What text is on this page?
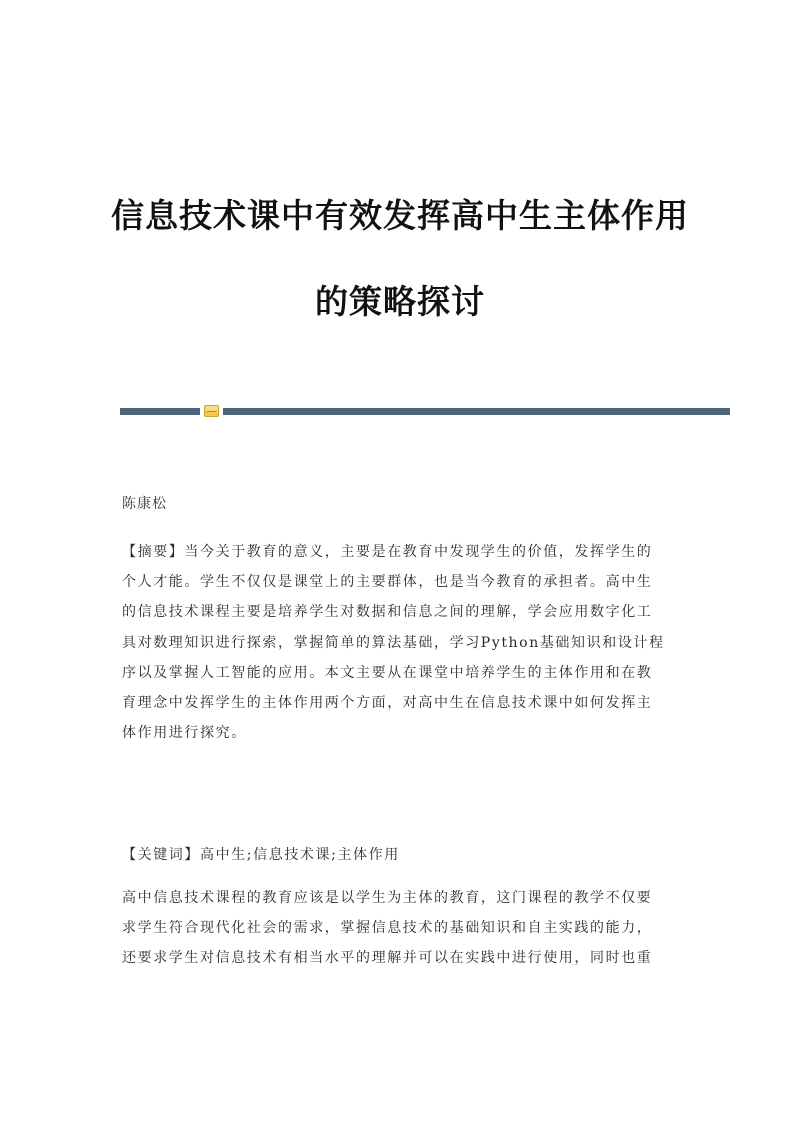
信息技术课中有效发挥高中生主体作用
的策略探讨
陈康松

【摘要】当今关于教育的意义，主要是在教育中发现学生的价值，发挥学生的
个人才能。学生不仅仅是课堂上的主要群体，也是当今教育的承担者。高中生
的信息技术课程主要是培养学生对数据和信息之间的理解，学会应用数字化工
具对数理知识进行探索，掌握简单的算法基础，学习Python基础知识和设计程
序以及掌握人工智能的应用。本文主要从在课堂中培养学生的主体作用和在教
育理念中发挥学生的主体作用两个方面，对高中生在信息技术课中如何发挥主
体作用进行探究。

【关键词】高中生;信息技术课;主体作用

高中信息技术课程的教育应该是以学生为主体的教育，这门课程的教学不仅要
求学生符合现代化社会的需求，掌握信息技术的基础知识和自主实践的能力，
还要求学生对信息技术有相当水平的理解并可以在实践中进行使用，同时也重
